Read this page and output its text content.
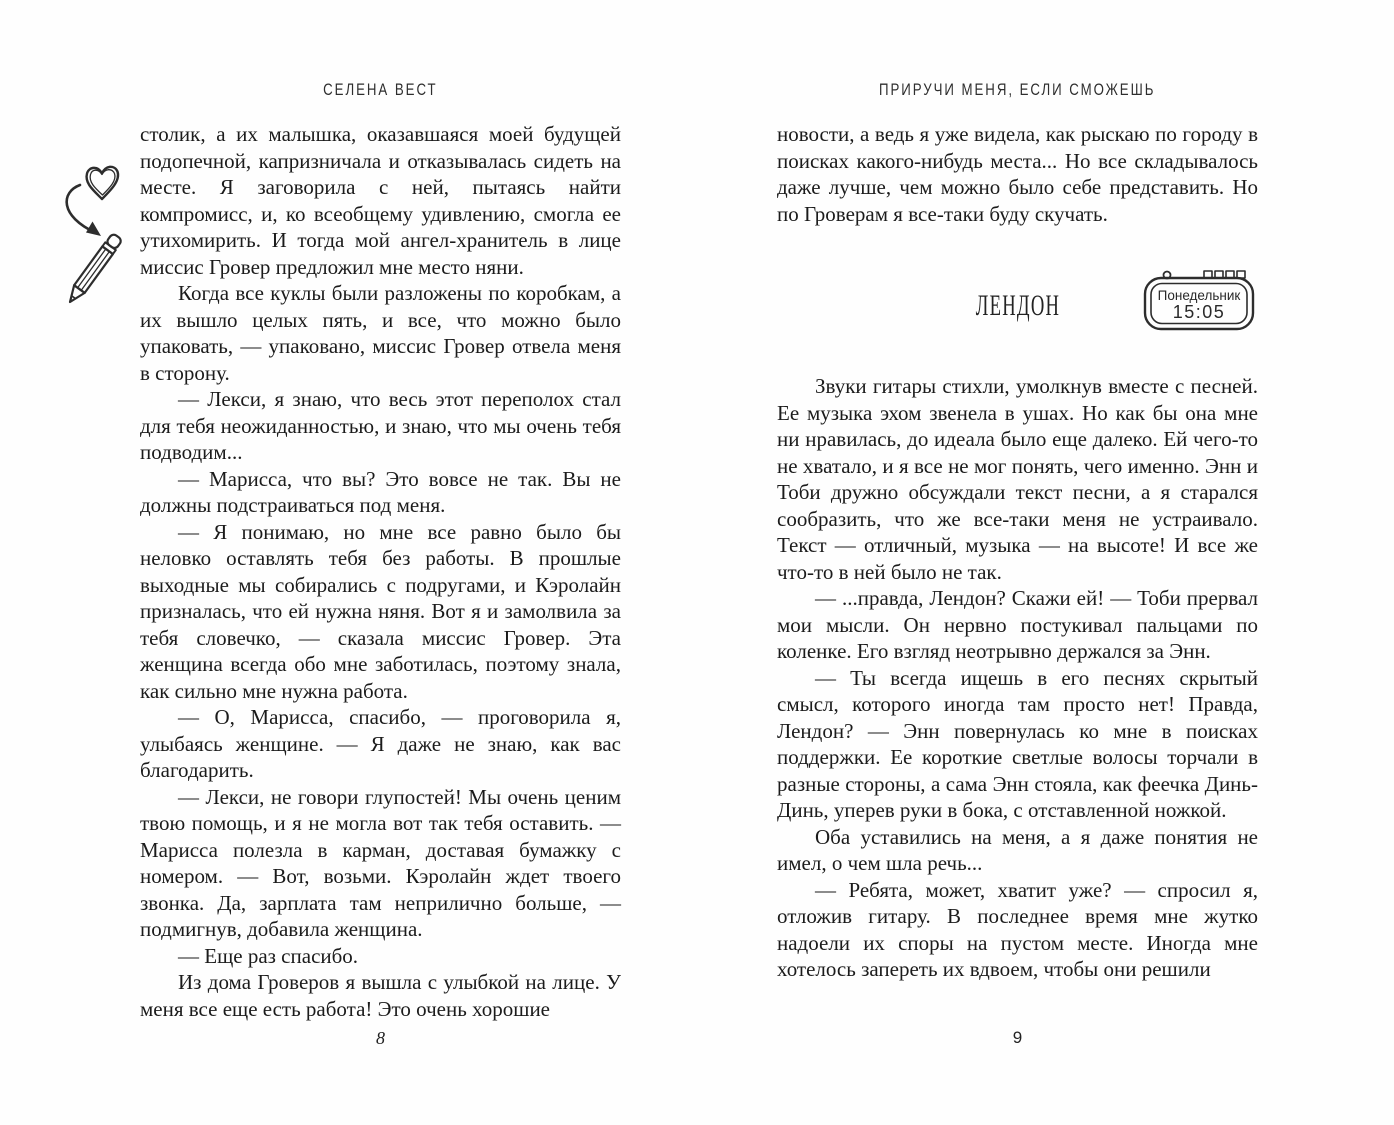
СЕЛЕНА ВЕСТ

столик, а их малышка, оказавшаяся моей будущей подопечной, капризничала и отказывалась сидеть на месте. Я заговорила с ней, пытаясь найти компромисс, и, ко всеобщему удивлению, смогла ее утихомирить. И тогда мой ангел-хранитель в лице миссис Гровер предложил мне место няни.

Когда все куклы были разложены по коробкам, а их вышло целых пять, и все, что можно было упаковать, — упаковано, миссис Гровер отвела меня в сторону.

— Лекси, я знаю, что весь этот переполох стал для тебя неожиданностью, и знаю, что мы очень тебя подводим...

— Марисса, что вы? Это вовсе не так. Вы не должны подстраиваться под меня.

— Я понимаю, но мне все равно было бы неловко оставлять тебя без работы. В прошлые выходные мы собирались с подругами, и Кэролайн призналась, что ей нужна няня. Вот я и замолвила за тебя словечко, — сказала миссис Гровер. Эта женщина всегда обо мне заботилась, поэтому знала, как сильно мне нужна работа.

— О, Марисса, спасибо, — проговорила я, улыбаясь женщине. — Я даже не знаю, как вас благодарить.

— Лекси, не говори глупостей! Мы очень ценим твою помощь, и я не могла вот так тебя оставить. — Марисса полезла в карман, доставая бумажку с номером. — Вот, возьми. Кэролайн ждет твоего звонка. Да, зарплата там неприлично больше, — подмигнув, добавила женщина.

— Еще раз спасибо.

Из дома Гроверов я вышла с улыбкой на лице. У меня все еще есть работа! Это очень хорошие

8
ПРИРУЧИ МЕНЯ, ЕСЛИ СМОЖЕШЬ

новости, а ведь я уже видела, как рыскаю по городу в поисках какого-нибудь места... Но все складывалось даже лучше, чем можно было себе представить. Но по Гроверам я все-таки буду скучать.

ЛЕНДОН	Понедельник
15:05

Звуки гитары стихли, умолкнув вместе с песней. Ее музыка эхом звенела в ушах. Но как бы она мне ни нравилась, до идеала было еще далеко. Ей чего-то не хватало, и я все не мог понять, чего именно. Энн и Тоби дружно обсуждали текст песни, а я старался сообразить, что же все-таки меня не устраивало. Текст — отличный, музыка — на высоте! И все же что-то в ней было не так.

— ...правда, Лендон? Скажи ей! — Тоби прервал мои мысли. Он нервно постукивал пальцами по коленке. Его взгляд неотрывно держался за Энн.

— Ты всегда ищешь в его песнях скрытый смысл, которого иногда там просто нет! Правда, Лендон? — Энн повернулась ко мне в поисках поддержки. Ее короткие светлые волосы торчали в разные стороны, а сама Энн стояла, как феечка Динь-Динь, уперев руки в бока, с отставленной ножкой.

Оба уставились на меня, а я даже понятия не имел, о чем шла речь...

— Ребята, может, хватит уже? — спросил я, отложив гитару. В последнее время мне жутко надоели их споры на пустом месте. Иногда мне хотелось запереть их вдвоем, чтобы они решили

9
